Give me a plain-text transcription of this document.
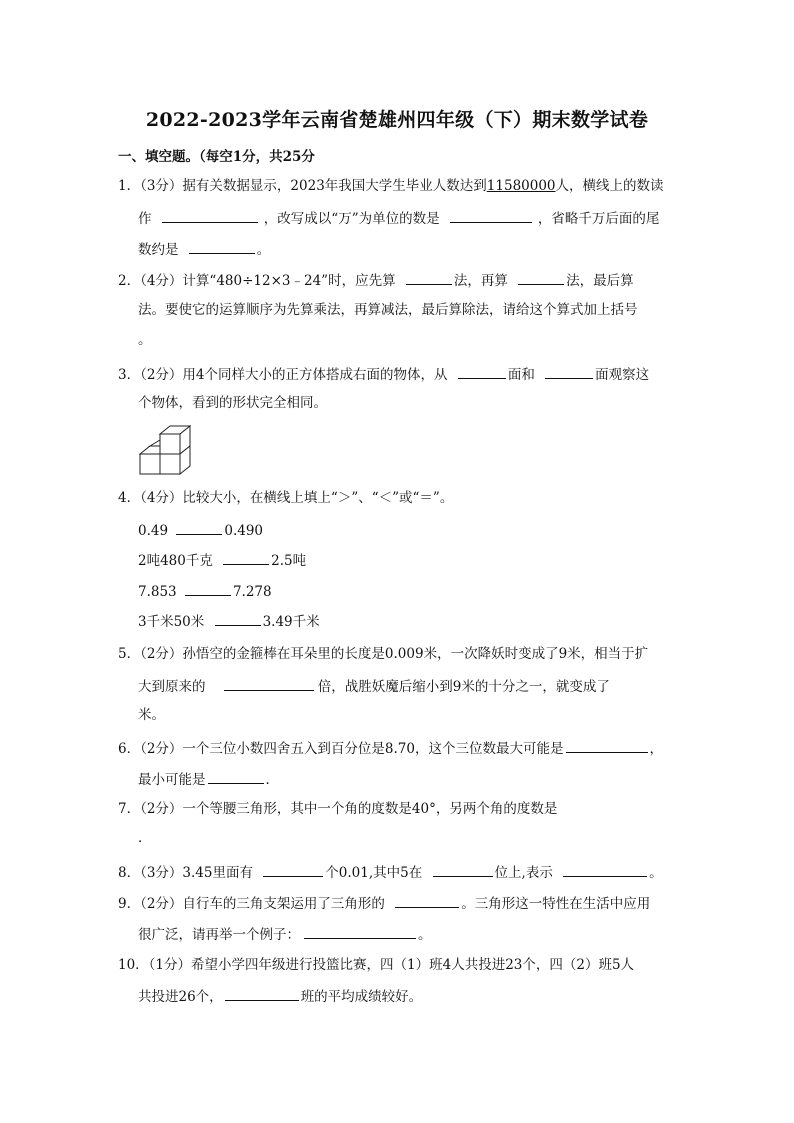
2022-2023学年云南省楚雄州四年级（下）期末数学试卷
一、填空题。（每空1分，共25分
1．（3分）据有关数据显示，2023年我国大学生毕业人数达到11580000人，横线上的数读
作	，改写成以“万”为单位的数是	，省略千万后面的尾
数约是	。
2．（4分）计算“480÷12×3﹣24”时，应先算	法，再算	法，最后算
法。要使它的运算顺序为先算乘法，再算减法，最后算除法，请给这个算式加上括号
。
3．（2分）用4个同样大小的正方体搭成右面的物体，从	面和	面观察这
个物体，看到的形状完全相同。
4．（4分）比较大小，在横线上填上“＞”、“＜”或“＝”。
0.49	0.490
2吨480千克	2.5吨
7.853	7.278
3千米50米	3.49千米
5．（2分）孙悟空的金箍棒在耳朵里的长度是0.009米，一次降妖时变成了9米，相当于扩
大到原来的	倍，战胜妖魔后缩小到9米的十分之一，就变成了
米。
6．（2分）一个三位小数四舍五入到百分位是8.70，这个三位数最大可能是	，
最小可能是	．
7．（2分）一个等腰三角形，其中一个角的度数是40°，另两个角的度数是
．
8．（3分）3.45里面有	个0.01,其中5在	位上,表示	。
9．（2分）自行车的三角支架运用了三角形的	。三角形这一特性在生活中应用
很广泛，请再举一个例子：	。
10．（1分）希望小学四年级进行投篮比赛，四（1）班4人共投进23个，四（2）班5人
共投进26个，	班的平均成绩较好。
